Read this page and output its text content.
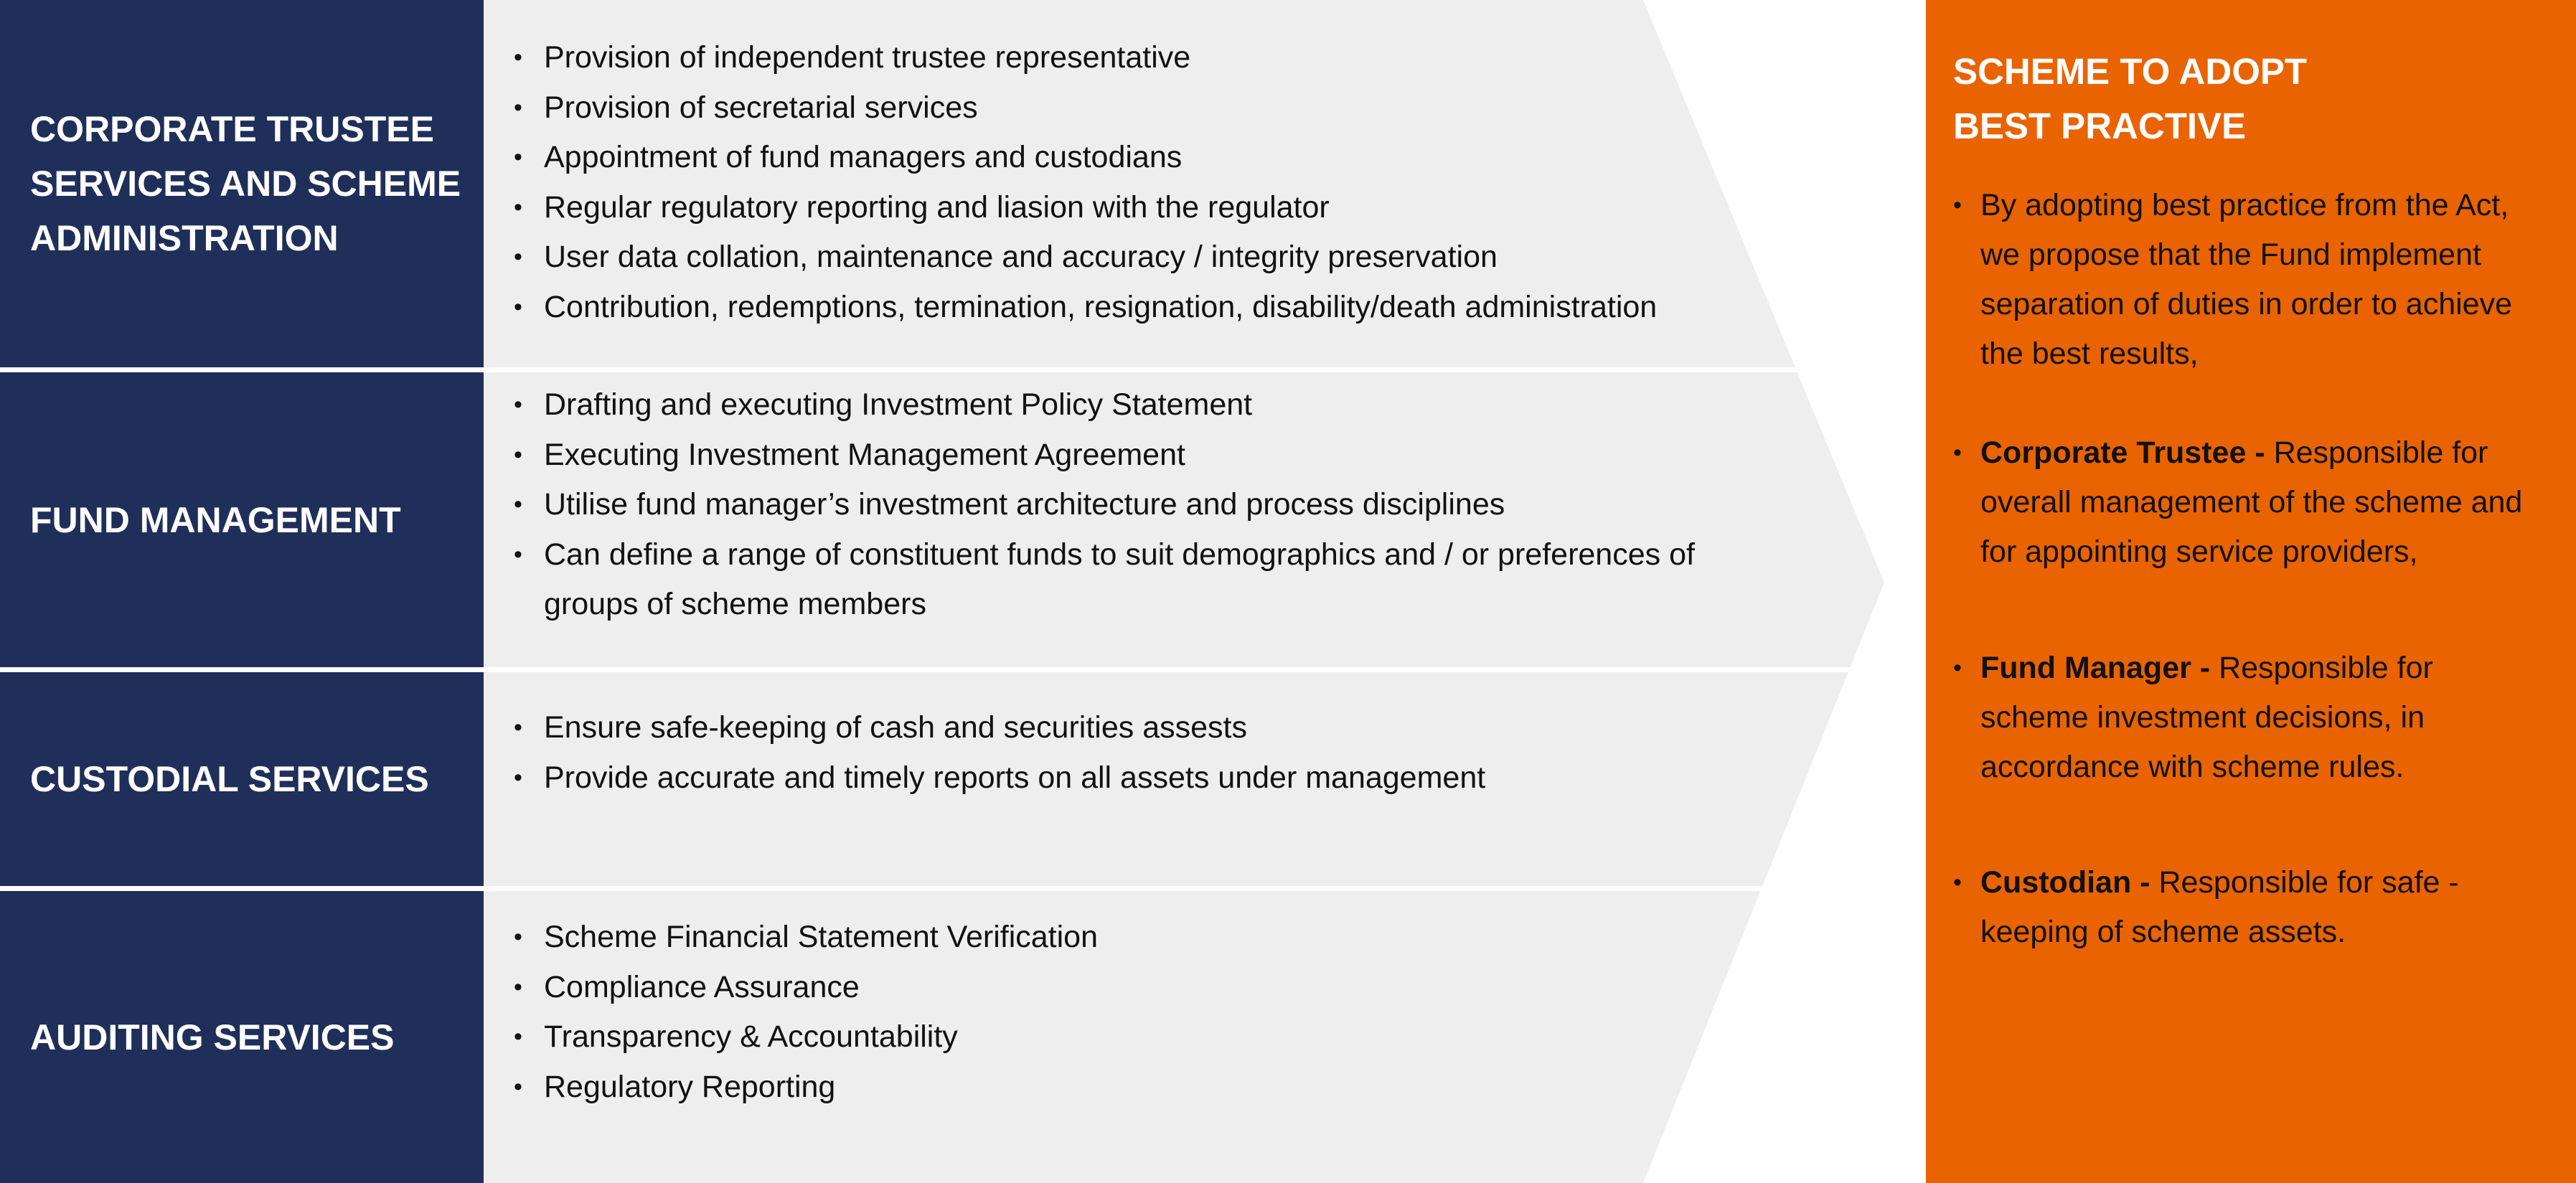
CORPORATE TRUSTEE SERVICES AND SCHEME ADMINISTRATION
• Provision of independent trustee representative
• Provision of secretarial services
• Appointment of fund managers and custodians
• Regular regulatory reporting and liasion with the regulator
• User data collation, maintenance and accuracy / integrity preservation
• Contribution, redemptions, termination, resignation, disability/death administration
FUND MANAGEMENT
• Drafting and executing Investment Policy Statement
• Executing Investment Management Agreement
• Utilise fund manager’s investment architecture and process disciplines
• Can define a range of constituent funds to suit demographics and / or preferences of groups of scheme members
CUSTODIAL SERVICES
• Ensure safe-keeping of cash and securities assests
• Provide accurate and timely reports on all assets under management
AUDITING SERVICES
• Scheme Financial Statement Verification
• Compliance Assurance
• Transparency & Accountability
• Regulatory Reporting
SCHEME TO ADOPT
BEST PRACTIVE

• By adopting best practice from the Act, we propose that the Fund implement separation of duties in order to achieve the best results,

• Corporate Trustee - Responsible for overall management of the scheme and for appointing service providers,

• Fund Manager - Responsible for scheme investment decisions, in accordance with scheme rules.

• Custodian - Responsible for safe - keeping of scheme assets.
